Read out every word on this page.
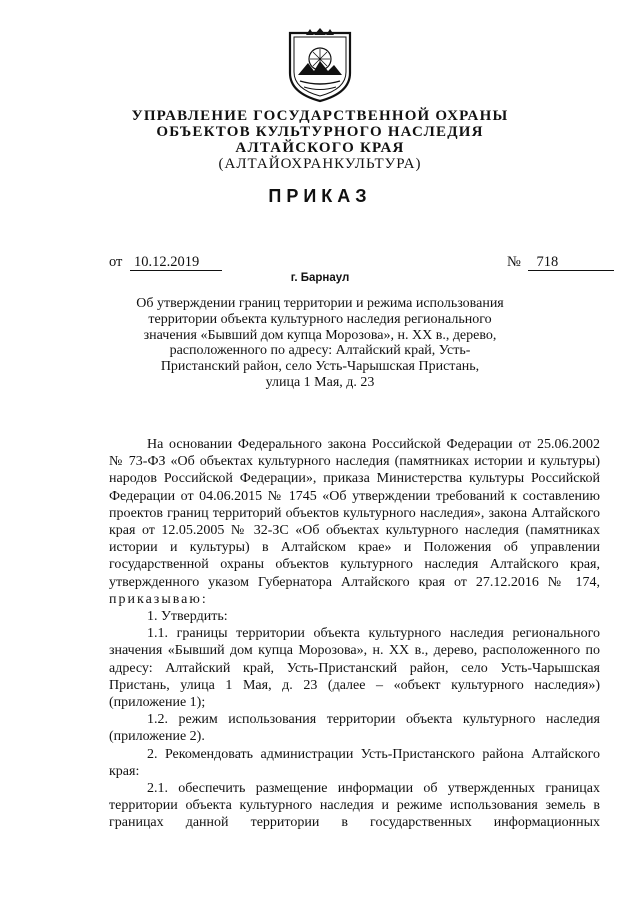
УПРАВЛЕНИЕ ГОСУДАРСТВЕННОЙ ОХРАНЫ
ОБЪЕКТОВ КУЛЬТУРНОГО НАСЛЕДИЯ
АЛТАЙСКОГО КРАЯ
(АЛТАЙОХРАНКУЛЬТУРА)
ПРИКАЗ
от 10.12.2019	№ 718
г. Барнаул
Об утверждении границ территории и режима использования
территории объекта культурного наследия регионального
значения «Бывший дом купца Морозова», н. XX в., дерево,
расположенного по адресу: Алтайский край, Усть-
Пристанский район, село Усть-Чарышская Пристань,
улица 1 Мая, д. 23

На основании Федерального закона Российской Федерации от 25.06.2002 № 73-ФЗ «Об объектах культурного наследия (памятниках истории и культуры) народов Российской Федерации», приказа Министерства культуры Российской Федерации от 04.06.2015 № 1745 «Об утверждении требований к составлению проектов границ территорий объектов культурного наследия», закона Алтайского края от 12.05.2005 № 32-ЗС «Об объектах культурного наследия (памятниках истории и культуры) в Алтайском крае» и Положения об управлении государственной охраны объектов культурного наследия Алтайского края, утвержденного указом Губернатора Алтайского края от 27.12.2016 № 174, приказываю:

1. Утвердить:

1.1. границы территории объекта культурного наследия регионального значения «Бывший дом купца Морозова», н. XX в., дерево, расположенного по адресу: Алтайский край, Усть-Пристанский район, село Усть-Чарышская Пристань, улица 1 Мая, д. 23 (далее – «объект культурного наследия») (приложение 1);

1.2. режим использования территории объекта культурного наследия (приложение 2).

2. Рекомендовать администрации Усть-Пристанского района Алтайского края:

2.1. обеспечить размещение информации об утвержденных границах территории объекта культурного наследия и режиме использования земель в границах данной территории в государственных информационных
